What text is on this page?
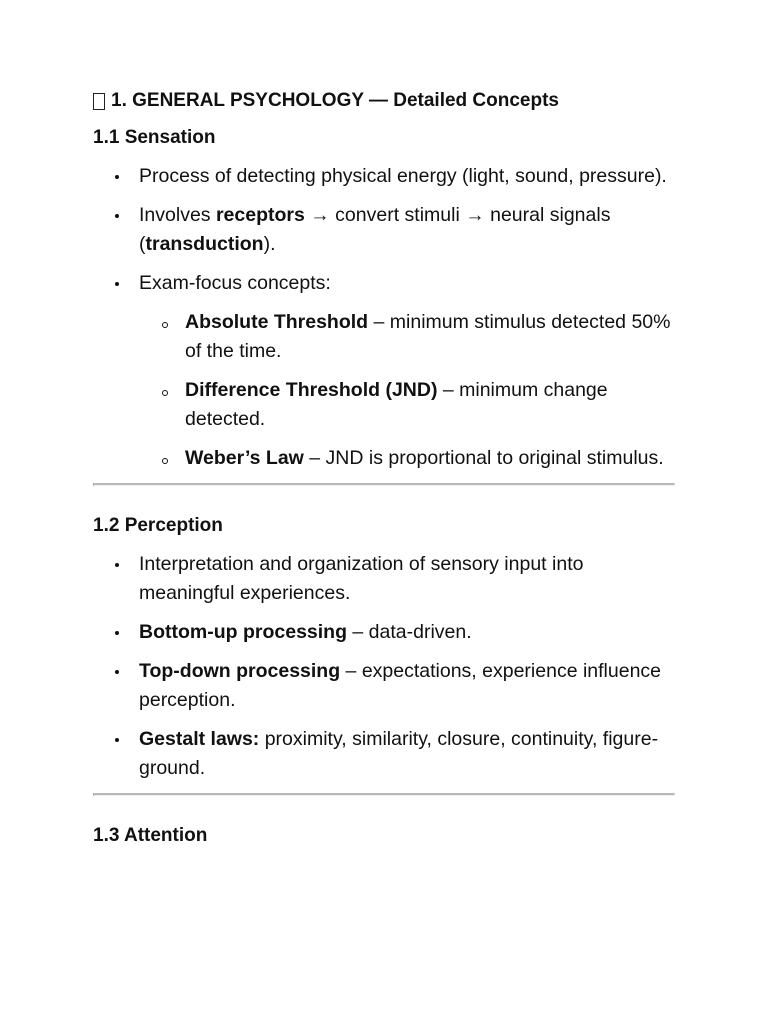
1. GENERAL PSYCHOLOGY — Detailed Concepts
1.1 Sensation
Process of detecting physical energy (light, sound, pressure).
Involves receptors → convert stimuli → neural signals (transduction).
Exam-focus concepts:
Absolute Threshold – minimum stimulus detected 50% of the time.
Difference Threshold (JND) – minimum change detected.
Weber’s Law – JND is proportional to original stimulus.
1.2 Perception
Interpretation and organization of sensory input into meaningful experiences.
Bottom-up processing – data-driven.
Top-down processing – expectations, experience influence perception.
Gestalt laws: proximity, similarity, closure, continuity, figure-ground.
1.3 Attention
